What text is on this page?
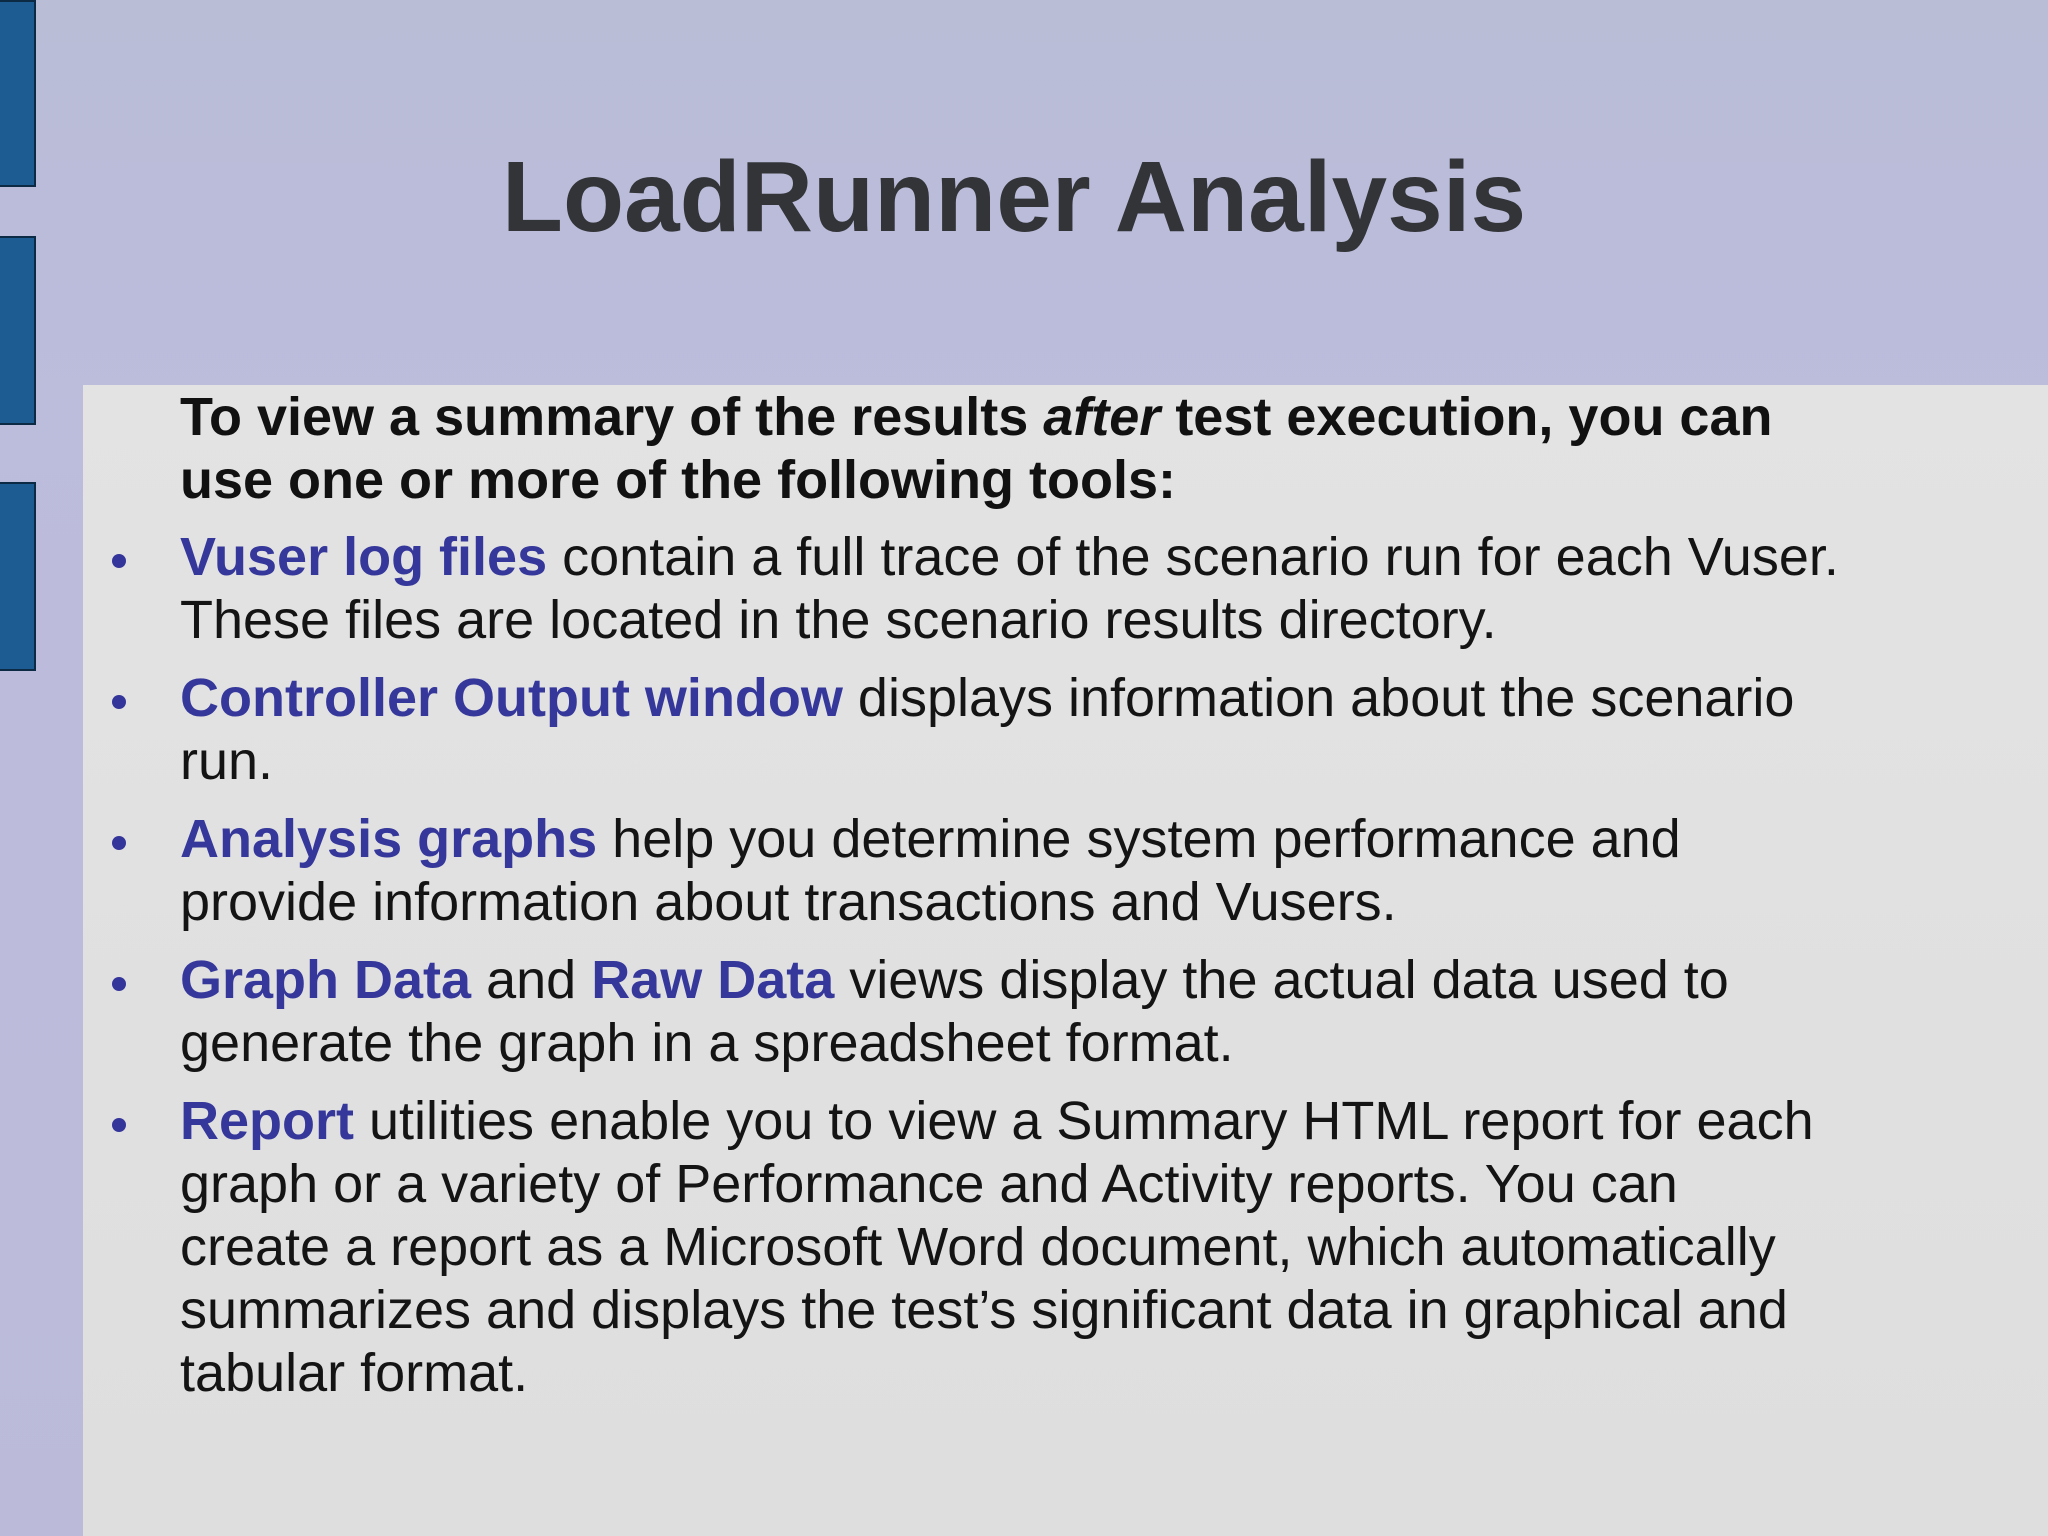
LoadRunner Analysis

To view a summary of the results after test execution, you can use one or more of the following tools:

Vuser log files contain a full trace of the scenario run for each Vuser. These files are located in the scenario results directory.
Controller Output window displays information about the scenario run.
Analysis graphs help you determine system performance and provide information about transactions and Vusers.
Graph Data and Raw Data views display the actual data used to generate the graph in a spreadsheet format.
Report utilities enable you to view a Summary HTML report for each graph or a variety of Performance and Activity reports. You can create a report as a Microsoft Word document, which automatically summarizes and displays the test’s significant data in graphical and tabular format.
